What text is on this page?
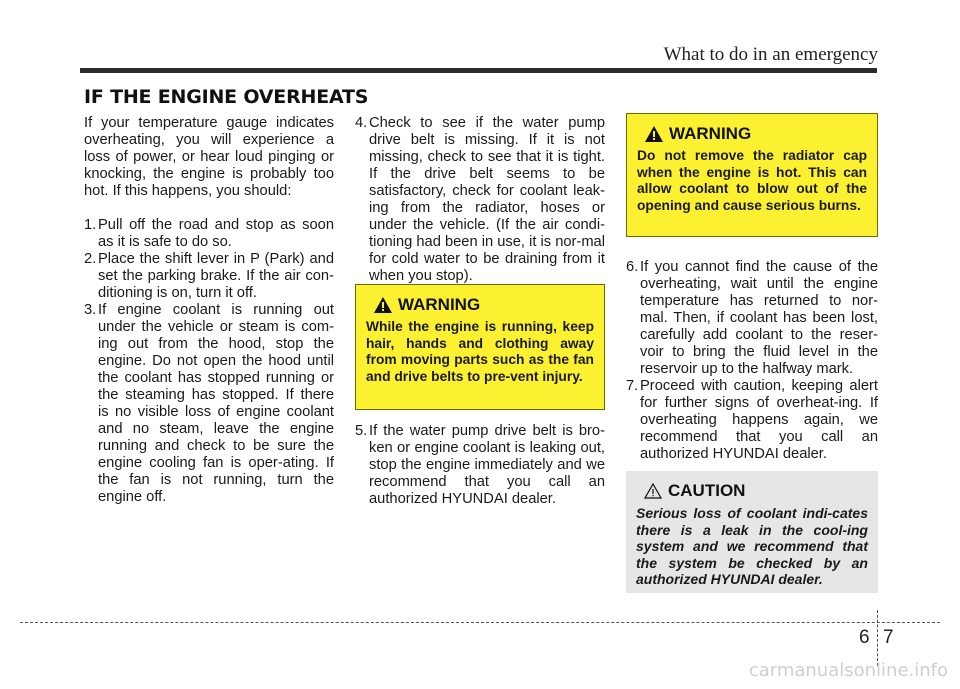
What to do in an emergency
IF THE ENGINE OVERHEATS

If your temperature gauge indicates overheating, you will experience a loss of power, or hear loud pinging or knocking, the engine is probably too hot. If this happens, you should:

1. Pull off the road and stop as soon as it is safe to do so.
2. Place the shift lever in P (Park) and set the parking brake. If the air con-ditioning is on, turn it off.
3. If engine coolant is running out under the vehicle or steam is com-ing out from the hood, stop the engine. Do not open the hood until the coolant has stopped running or the steaming has stopped. If there is no visible loss of engine coolant and no steam, leave the engine running and check to be sure the engine cooling fan is oper-ating. If the fan is not running, turn the engine off.
4. Check to see if the water pump drive belt is missing. If it is not missing, check to see that it is tight. If the drive belt seems to be satisfactory, check for coolant leak-ing from the radiator, hoses or under the vehicle. (If the air condi-tioning had been in use, it is nor-mal for cold water to be draining from it when you stop).
5. If the water pump drive belt is bro-ken or engine coolant is leaking out, stop the engine immediately and we recommend that you call an authorized HYUNDAI dealer.
6. If you cannot find the cause of the overheating, wait until the engine temperature has returned to nor-mal. Then, if coolant has been lost, carefully add coolant to the reser-voir to bring the fluid level in the reservoir up to the halfway mark.
7. Proceed with caution, keeping alert for further signs of overheat-ing. If overheating happens again, we recommend that you call an authorized HYUNDAI dealer.
WARNING
Do not remove the radiator cap when the engine is hot. This can allow coolant to blow out of the opening and cause serious burns.
WARNING
While the engine is running, keep hair, hands and clothing away from moving parts such as the fan and drive belts to pre-vent injury.
CAUTION
Serious loss of coolant indi-cates there is a leak in the cool-ing system and we recommend that the system be checked by an authorized HYUNDAI dealer.
6 7
carmanualsonline.info
